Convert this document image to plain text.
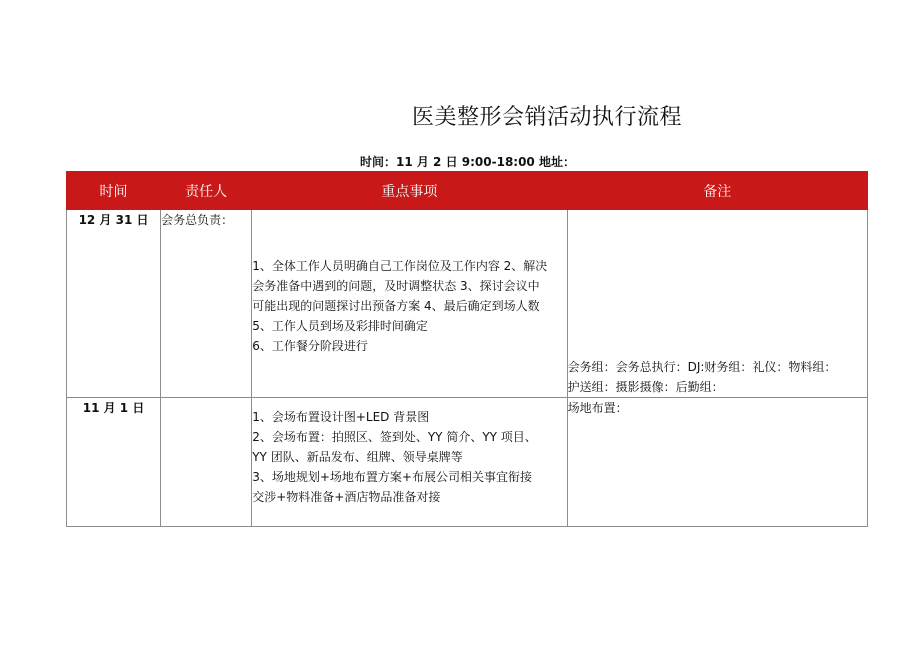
医美整形会销活动执行流程
时间：11 月 2 日 9:00-18:00 地址：
时间	责任人	重点事项	备注
12 月 31 日	会务总负责：	1、全体工作人员明确自己工作岗位及工作内容 2、解决
会务准备中遇到的问题，及时调整状态 3、探讨会议中
可能出现的问题探讨出预备方案 4、最后确定到场人数
5、工作人员到场及彩排时间确定
6、工作餐分阶段进行	会务组：会务总执行：DJ:财务组：礼仪：物料组：
护送组：摄影摄像：后勤组：

11 月 1 日		1、会场布置设计图+LED 背景图
2、会场布置：拍照区、签到处、YY 简介、YY 项目、
YY 团队、新品发布、组牌、领导桌牌等
3、场地规划+场地布置方案+布展公司相关事宜衔接
交涉+物料准备+酒店物品准备对接	场地布置：
